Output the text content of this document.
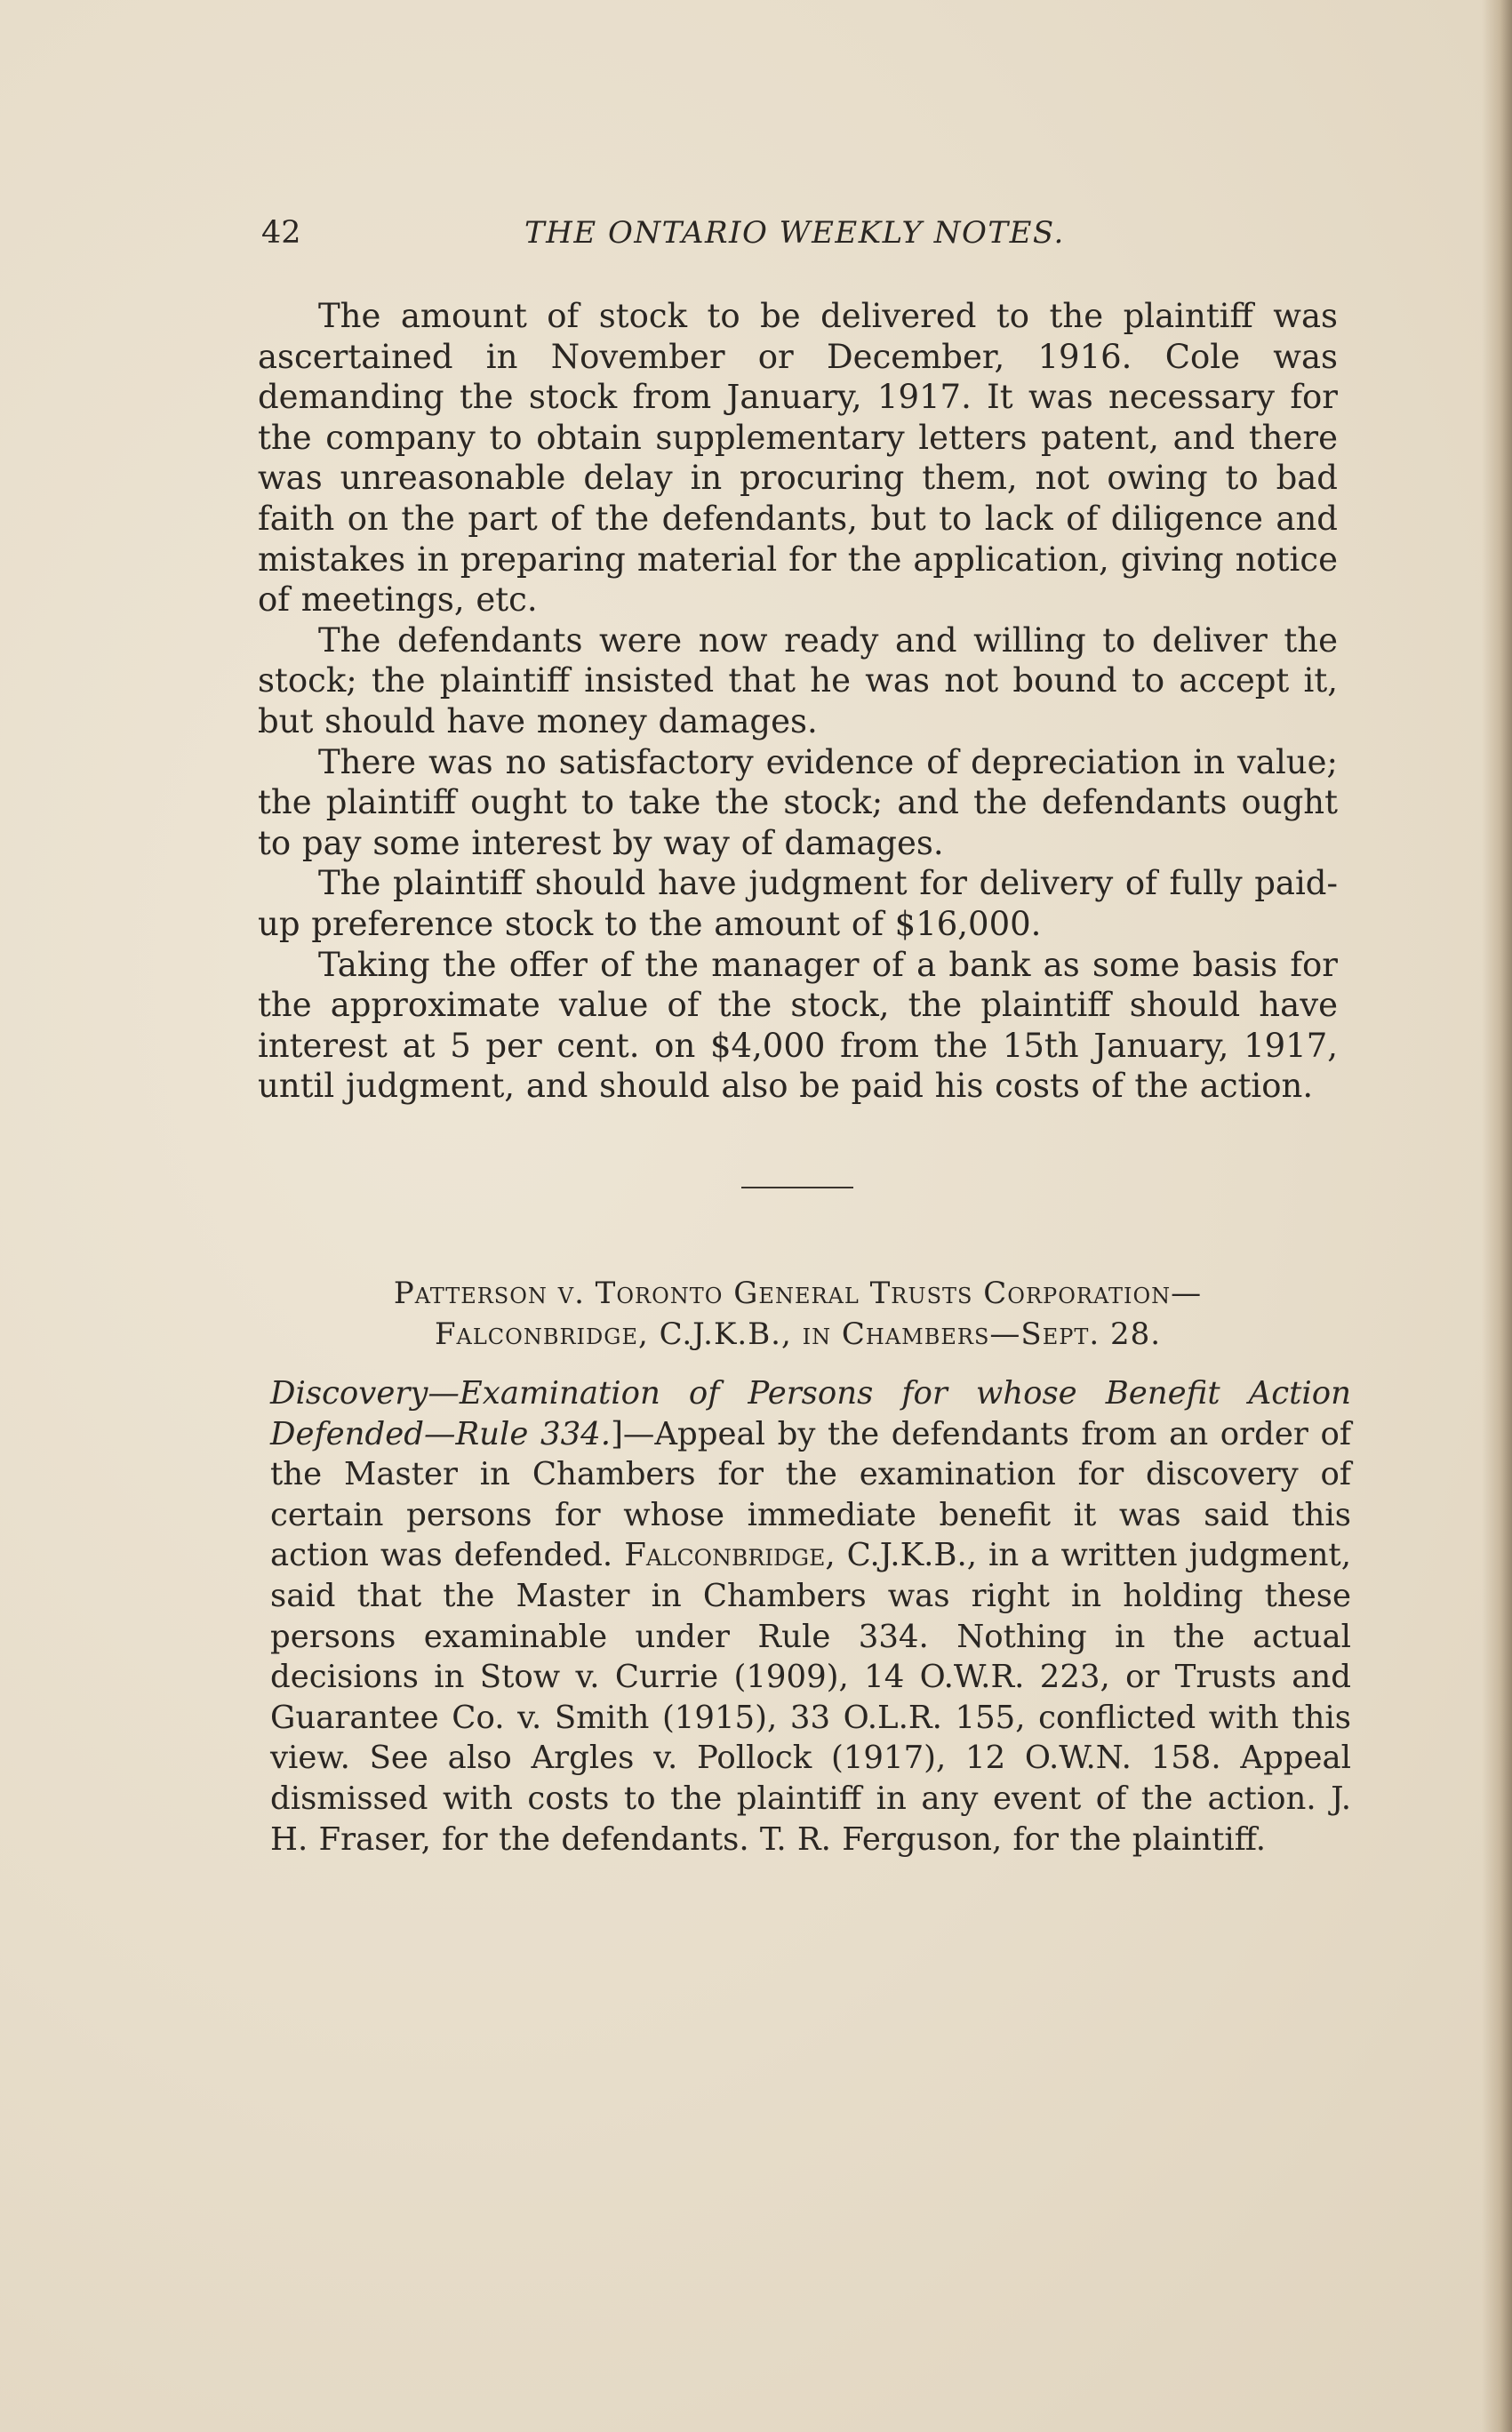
42	THE ONTARIO WEEKLY NOTES.

The amount of stock to be delivered to the plaintiff was ascertained in November or December, 1916. Cole was demanding the stock from January, 1917. It was necessary for the company to obtain supplementary letters patent, and there was unreasonable delay in procuring them, not owing to bad faith on the part of the defendants, but to lack of diligence and mistakes in preparing material for the application, giving notice of meetings, etc.

The defendants were now ready and willing to deliver the stock; the plaintiff insisted that he was not bound to accept it, but should have money damages.

There was no satisfactory evidence of depreciation in value; the plaintiff ought to take the stock; and the defendants ought to pay some interest by way of damages.

The plaintiff should have judgment for delivery of fully paid-up preference stock to the amount of $16,000.

Taking the offer of the manager of a bank as some basis for the approximate value of the stock, the plaintiff should have interest at 5 per cent. on $4,000 from the 15th January, 1917, until judgment, and should also be paid his costs of the action.

Patterson v. Toronto General Trusts Corporation—
Falconbridge, C.J.K.B., in Chambers—Sept. 28.

Discovery—Examination of Persons for whose Benefit Action Defended—Rule 334.]—Appeal by the defendants from an order of the Master in Chambers for the examination for discovery of certain persons for whose immediate benefit it was said this action was defended. Falconbridge, C.J.K.B., in a written judgment, said that the Master in Chambers was right in holding these persons examinable under Rule 334. Nothing in the actual decisions in Stow v. Currie (1909), 14 O.W.R. 223, or Trusts and Guarantee Co. v. Smith (1915), 33 O.L.R. 155, conflicted with this view. See also Argles v. Pollock (1917), 12 O.W.N. 158. Appeal dismissed with costs to the plaintiff in any event of the action. J. H. Fraser, for the defendants. T. R. Ferguson, for the plaintiff.
